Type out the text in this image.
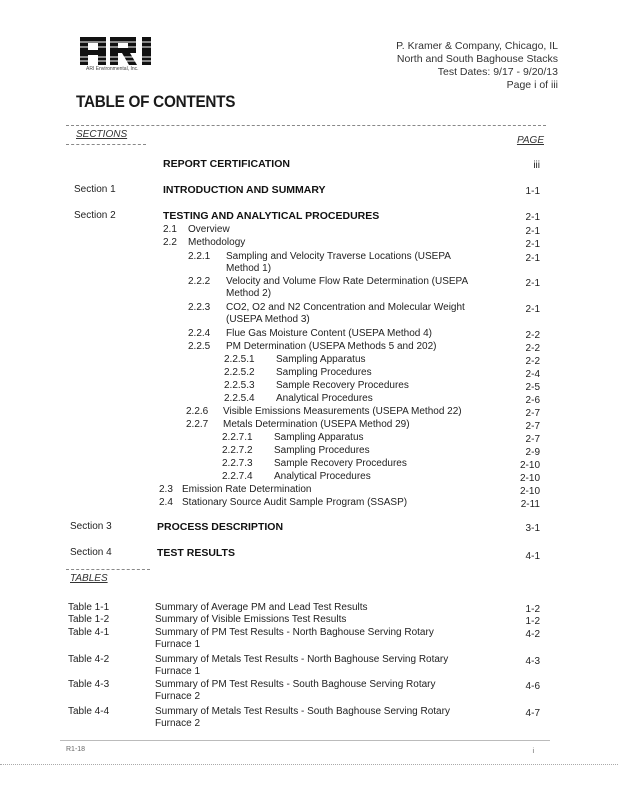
ARI Environmental, Inc.
P. Kramer & Company, Chicago, IL
North and South Baghouse Stacks
Test Dates: 9/17 - 9/20/13
Page i of iii
TABLE OF CONTENTS
SECTIONS
PAGE
REPORT CERTIFICATION	iii
Section 1	INTRODUCTION AND SUMMARY	1-1
Section 2	TESTING AND ANALYTICAL PROCEDURES	2-1
2.1 Overview	2-1
2.2 Methodology	2-1
2.2.1 Sampling and Velocity Traverse Locations (USEPA	2-1
Method 1)
2.2.2 Velocity and Volume Flow Rate Determination (USEPA	2-1
Method 2)
2.2.3 CO2, O2 and N2 Concentration and Molecular Weight	2-1
(USEPA Method 3)
2.2.4 Flue Gas Moisture Content (USEPA Method 4)	2-2
2.2.5 PM Determination (USEPA Methods 5 and 202)	2-2
2.2.5.1 Sampling Apparatus	2-2
2.2.5.2 Sampling Procedures	2-4
2.2.5.3 Sample Recovery Procedures	2-5
2.2.5.4 Analytical Procedures	2-6
2.2.6 Visible Emissions Measurements (USEPA Method 22)	2-7
2.2.7 Metals Determination (USEPA Method 29)	2-7
2.2.7.1 Sampling Apparatus	2-7
2.2.7.2 Sampling Procedures	2-9
2.2.7.3 Sample Recovery Procedures	2-10
2.2.7.4 Analytical Procedures	2-10
2.3 Emission Rate Determination	2-10
2.4 Stationary Source Audit Sample Program (SSASP)	2-11
Section 3	PROCESS DESCRIPTION	3-1
Section 4	TEST RESULTS	4-1
TABLES
Table 1-1	Summary of Average PM and Lead Test Results	1-2
Table 1-2	Summary of Visible Emissions Test Results	1-2
Table 4-1	Summary of PM Test Results - North Baghouse Serving Rotary	4-2
Furnace 1
Table 4-2	Summary of Metals Test Results - North Baghouse Serving Rotary	4-3
Furnace 1
Table 4-3	Summary of PM Test Results - South Baghouse Serving Rotary	4-6
Furnace 2
Table 4-4	Summary of Metals Test Results - South Baghouse Serving Rotary	4-7
Furnace 2
R1-18	i
